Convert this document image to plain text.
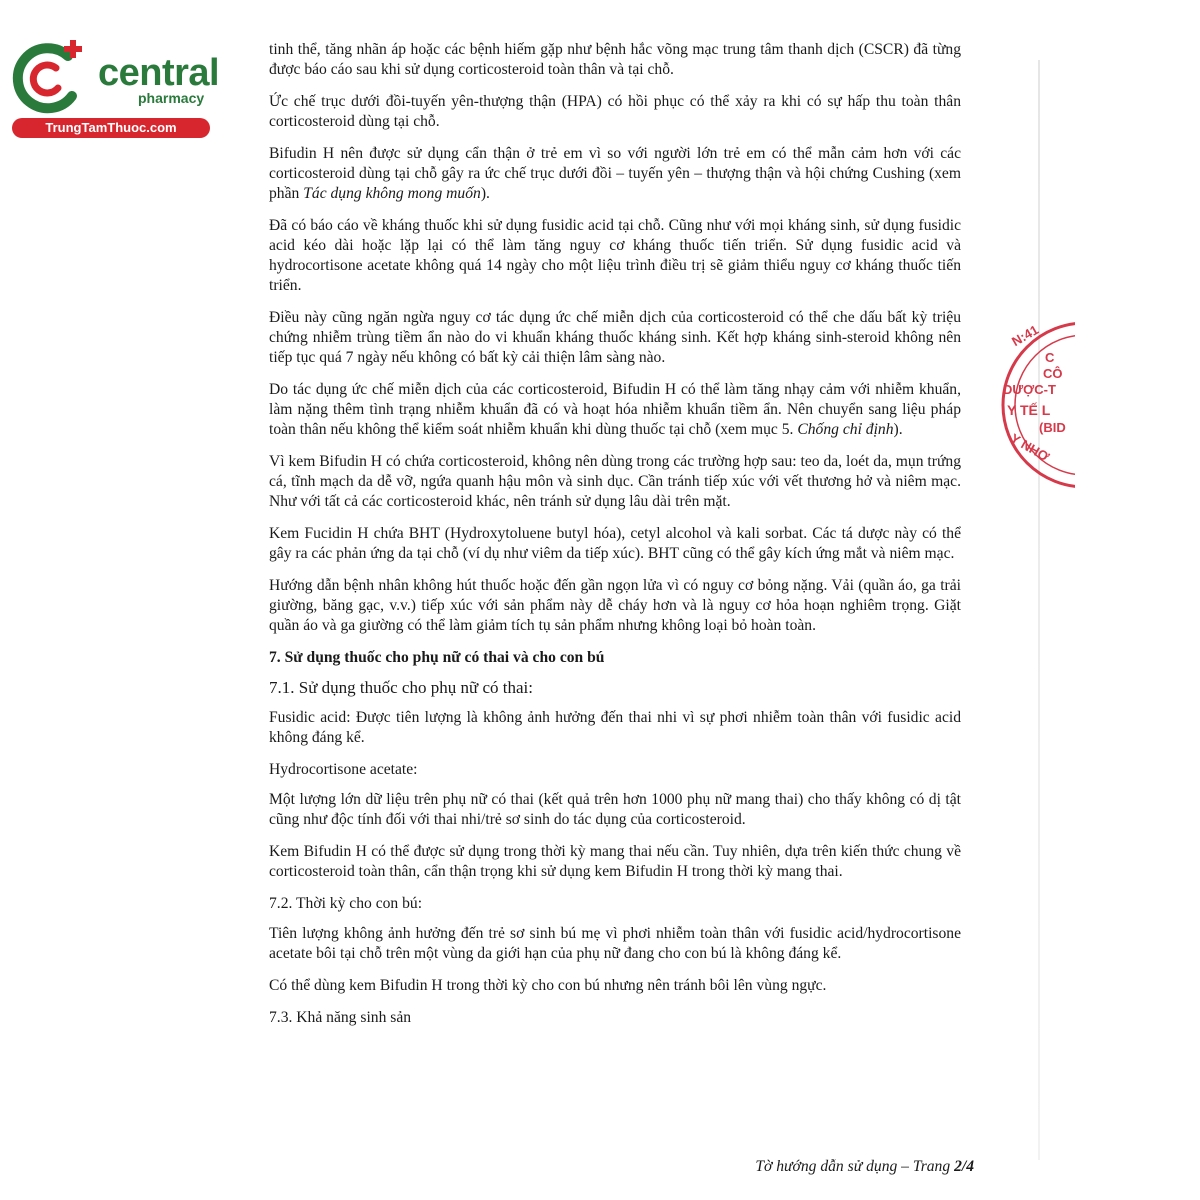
central
pharmacy
TrungTamThuoc.com
N:41
C
CÔ
DƯỢC-T
Y TẾ L
(BID
Y NHƠ

tinh thể, tăng nhãn áp hoặc các bệnh hiếm gặp như bệnh hắc võng mạc trung tâm thanh dịch (CSCR) đã từng được báo cáo sau khi sử dụng corticosteroid toàn thân và tại chỗ.

Ức chế trục dưới đồi-tuyến yên-thượng thận (HPA) có hồi phục có thể xảy ra khi có sự hấp thu toàn thân corticosteroid dùng tại chỗ.

Bifudin H nên được sử dụng cẩn thận ở trẻ em vì so với người lớn trẻ em có thể mẫn cảm hơn với các corticosteroid dùng tại chỗ gây ra ức chế trục dưới đồi – tuyến yên – thượng thận và hội chứng Cushing (xem phần Tác dụng không mong muốn).

Đã có báo cáo về kháng thuốc khi sử dụng fusidic acid tại chỗ. Cũng như với mọi kháng sinh, sử dụng fusidic acid kéo dài hoặc lặp lại có thể làm tăng nguy cơ kháng thuốc tiến triển. Sử dụng fusidic acid và hydrocortisone acetate không quá 14 ngày cho một liệu trình điều trị sẽ giảm thiểu nguy cơ kháng thuốc tiến triển.

Điều này cũng ngăn ngừa nguy cơ tác dụng ức chế miễn dịch của corticosteroid có thể che dấu bất kỳ triệu chứng nhiễm trùng tiềm ẩn nào do vi khuẩn kháng thuốc kháng sinh. Kết hợp kháng sinh-steroid không nên tiếp tục quá 7 ngày nếu không có bất kỳ cải thiện lâm sàng nào.

Do tác dụng ức chế miễn dịch của các corticosteroid, Bifudin H có thể làm tăng nhạy cảm với nhiễm khuẩn, làm nặng thêm tình trạng nhiễm khuẩn đã có và hoạt hóa nhiễm khuẩn tiềm ẩn. Nên chuyển sang liệu pháp toàn thân nếu không thể kiểm soát nhiễm khuẩn khi dùng thuốc tại chỗ (xem mục 5. Chống chỉ định).

Vì kem Bifudin H có chứa corticosteroid, không nên dùng trong các trường hợp sau: teo da, loét da, mụn trứng cá, tĩnh mạch da dễ vỡ, ngứa quanh hậu môn và sinh dục. Cần tránh tiếp xúc với vết thương hở và niêm mạc. Như với tất cả các corticosteroid khác, nên tránh sử dụng lâu dài trên mặt.

Kem Fucidin H chứa BHT (Hydroxytoluene butyl hóa), cetyl alcohol và kali sorbat. Các tá dược này có thể gây ra các phản ứng da tại chỗ (ví dụ như viêm da tiếp xúc). BHT cũng có thể gây kích ứng mắt và niêm mạc.

Hướng dẫn bệnh nhân không hút thuốc hoặc đến gần ngọn lửa vì có nguy cơ bỏng nặng. Vải (quần áo, ga trải giường, băng gạc, v.v.) tiếp xúc với sản phẩm này dễ cháy hơn và là nguy cơ hỏa hoạn nghiêm trọng. Giặt quần áo và ga giường có thể làm giảm tích tụ sản phẩm nhưng không loại bỏ hoàn toàn.

7. Sử dụng thuốc cho phụ nữ có thai và cho con bú

7.1. Sử dụng thuốc cho phụ nữ có thai:

Fusidic acid: Được tiên lượng là không ảnh hưởng đến thai nhi vì sự phơi nhiễm toàn thân với fusidic acid không đáng kể.

Hydrocortisone acetate:

Một lượng lớn dữ liệu trên phụ nữ có thai (kết quả trên hơn 1000 phụ nữ mang thai) cho thấy không có dị tật cũng như độc tính đối với thai nhi/trẻ sơ sinh do tác dụng của corticosteroid.

Kem Bifudin H có thể được sử dụng trong thời kỳ mang thai nếu cần. Tuy nhiên, dựa trên kiến thức chung về corticosteroid toàn thân, cẩn thận trọng khi sử dụng kem Bifudin H trong thời kỳ mang thai.

7.2. Thời kỳ cho con bú:

Tiên lượng không ảnh hưởng đến trẻ sơ sinh bú mẹ vì phơi nhiễm toàn thân với fusidic acid/hydrocortisone acetate bôi tại chỗ trên một vùng da giới hạn của phụ nữ đang cho con bú là không đáng kể.

Có thể dùng kem Bifudin H trong thời kỳ cho con bú nhưng nên tránh bôi lên vùng ngực.

7.3. Khả năng sinh sản

Tờ hướng dẫn sử dụng – Trang 2/4
